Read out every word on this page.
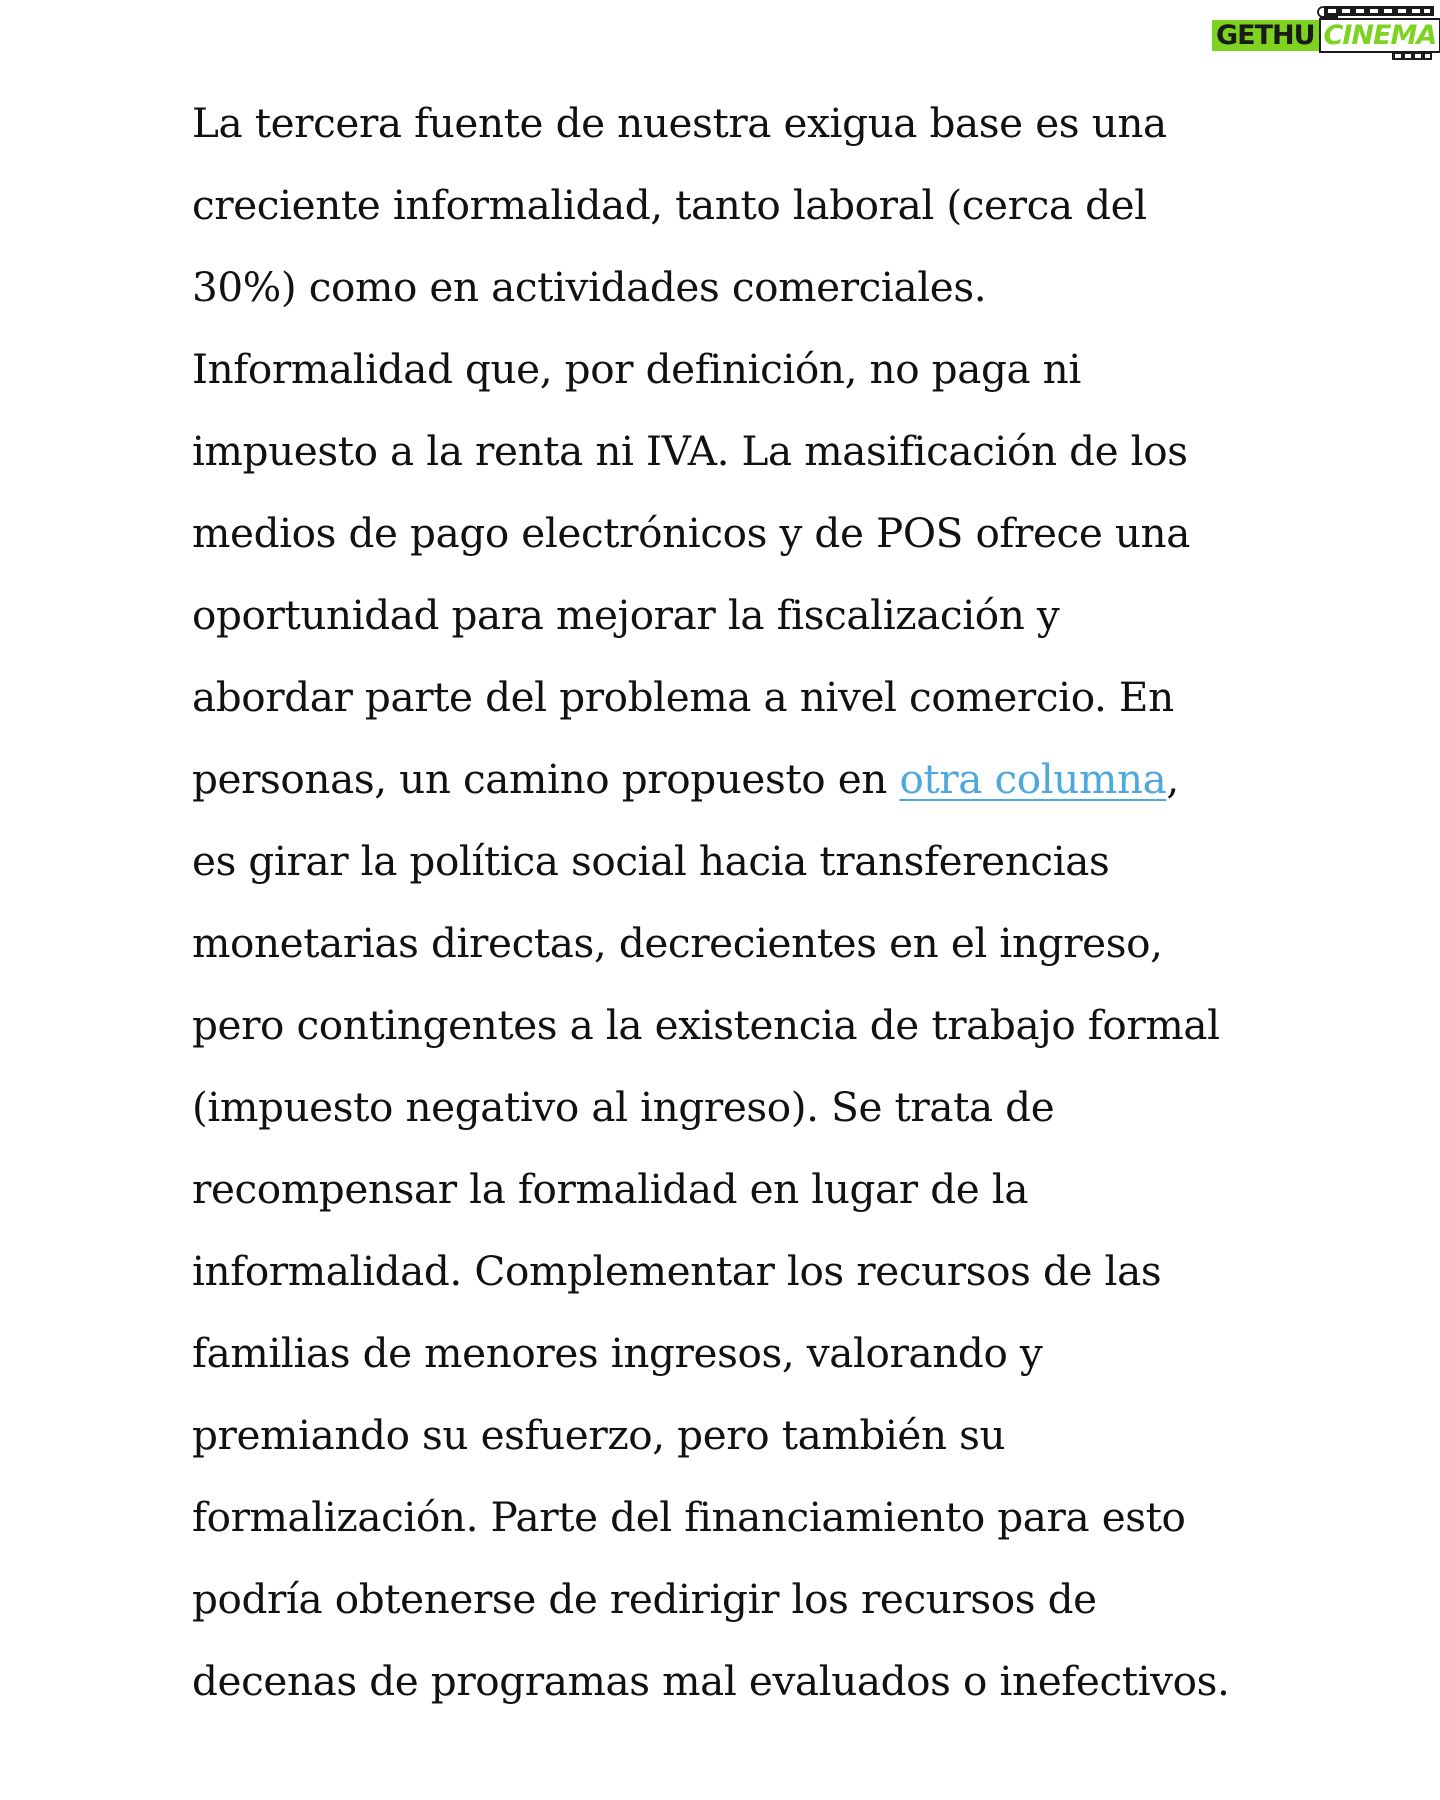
GETHU CINEMA
La tercera fuente de nuestra exigua base es una
creciente informalidad, tanto laboral (cerca del
30%) como en actividades comerciales.
Informalidad que, por definición, no paga ni
impuesto a la renta ni IVA. La masificación de los
medios de pago electrónicos y de POS ofrece una
oportunidad para mejorar la fiscalización y
abordar parte del problema a nivel comercio. En
personas, un camino propuesto en otra columna,
es girar la política social hacia transferencias
monetarias directas, decrecientes en el ingreso,
pero contingentes a la existencia de trabajo formal
(impuesto negativo al ingreso). Se trata de
recompensar la formalidad en lugar de la
informalidad. Complementar los recursos de las
familias de menores ingresos, valorando y
premiando su esfuerzo, pero también su
formalización. Parte del financiamiento para esto
podría obtenerse de redirigir los recursos de
decenas de programas mal evaluados o inefectivos.
